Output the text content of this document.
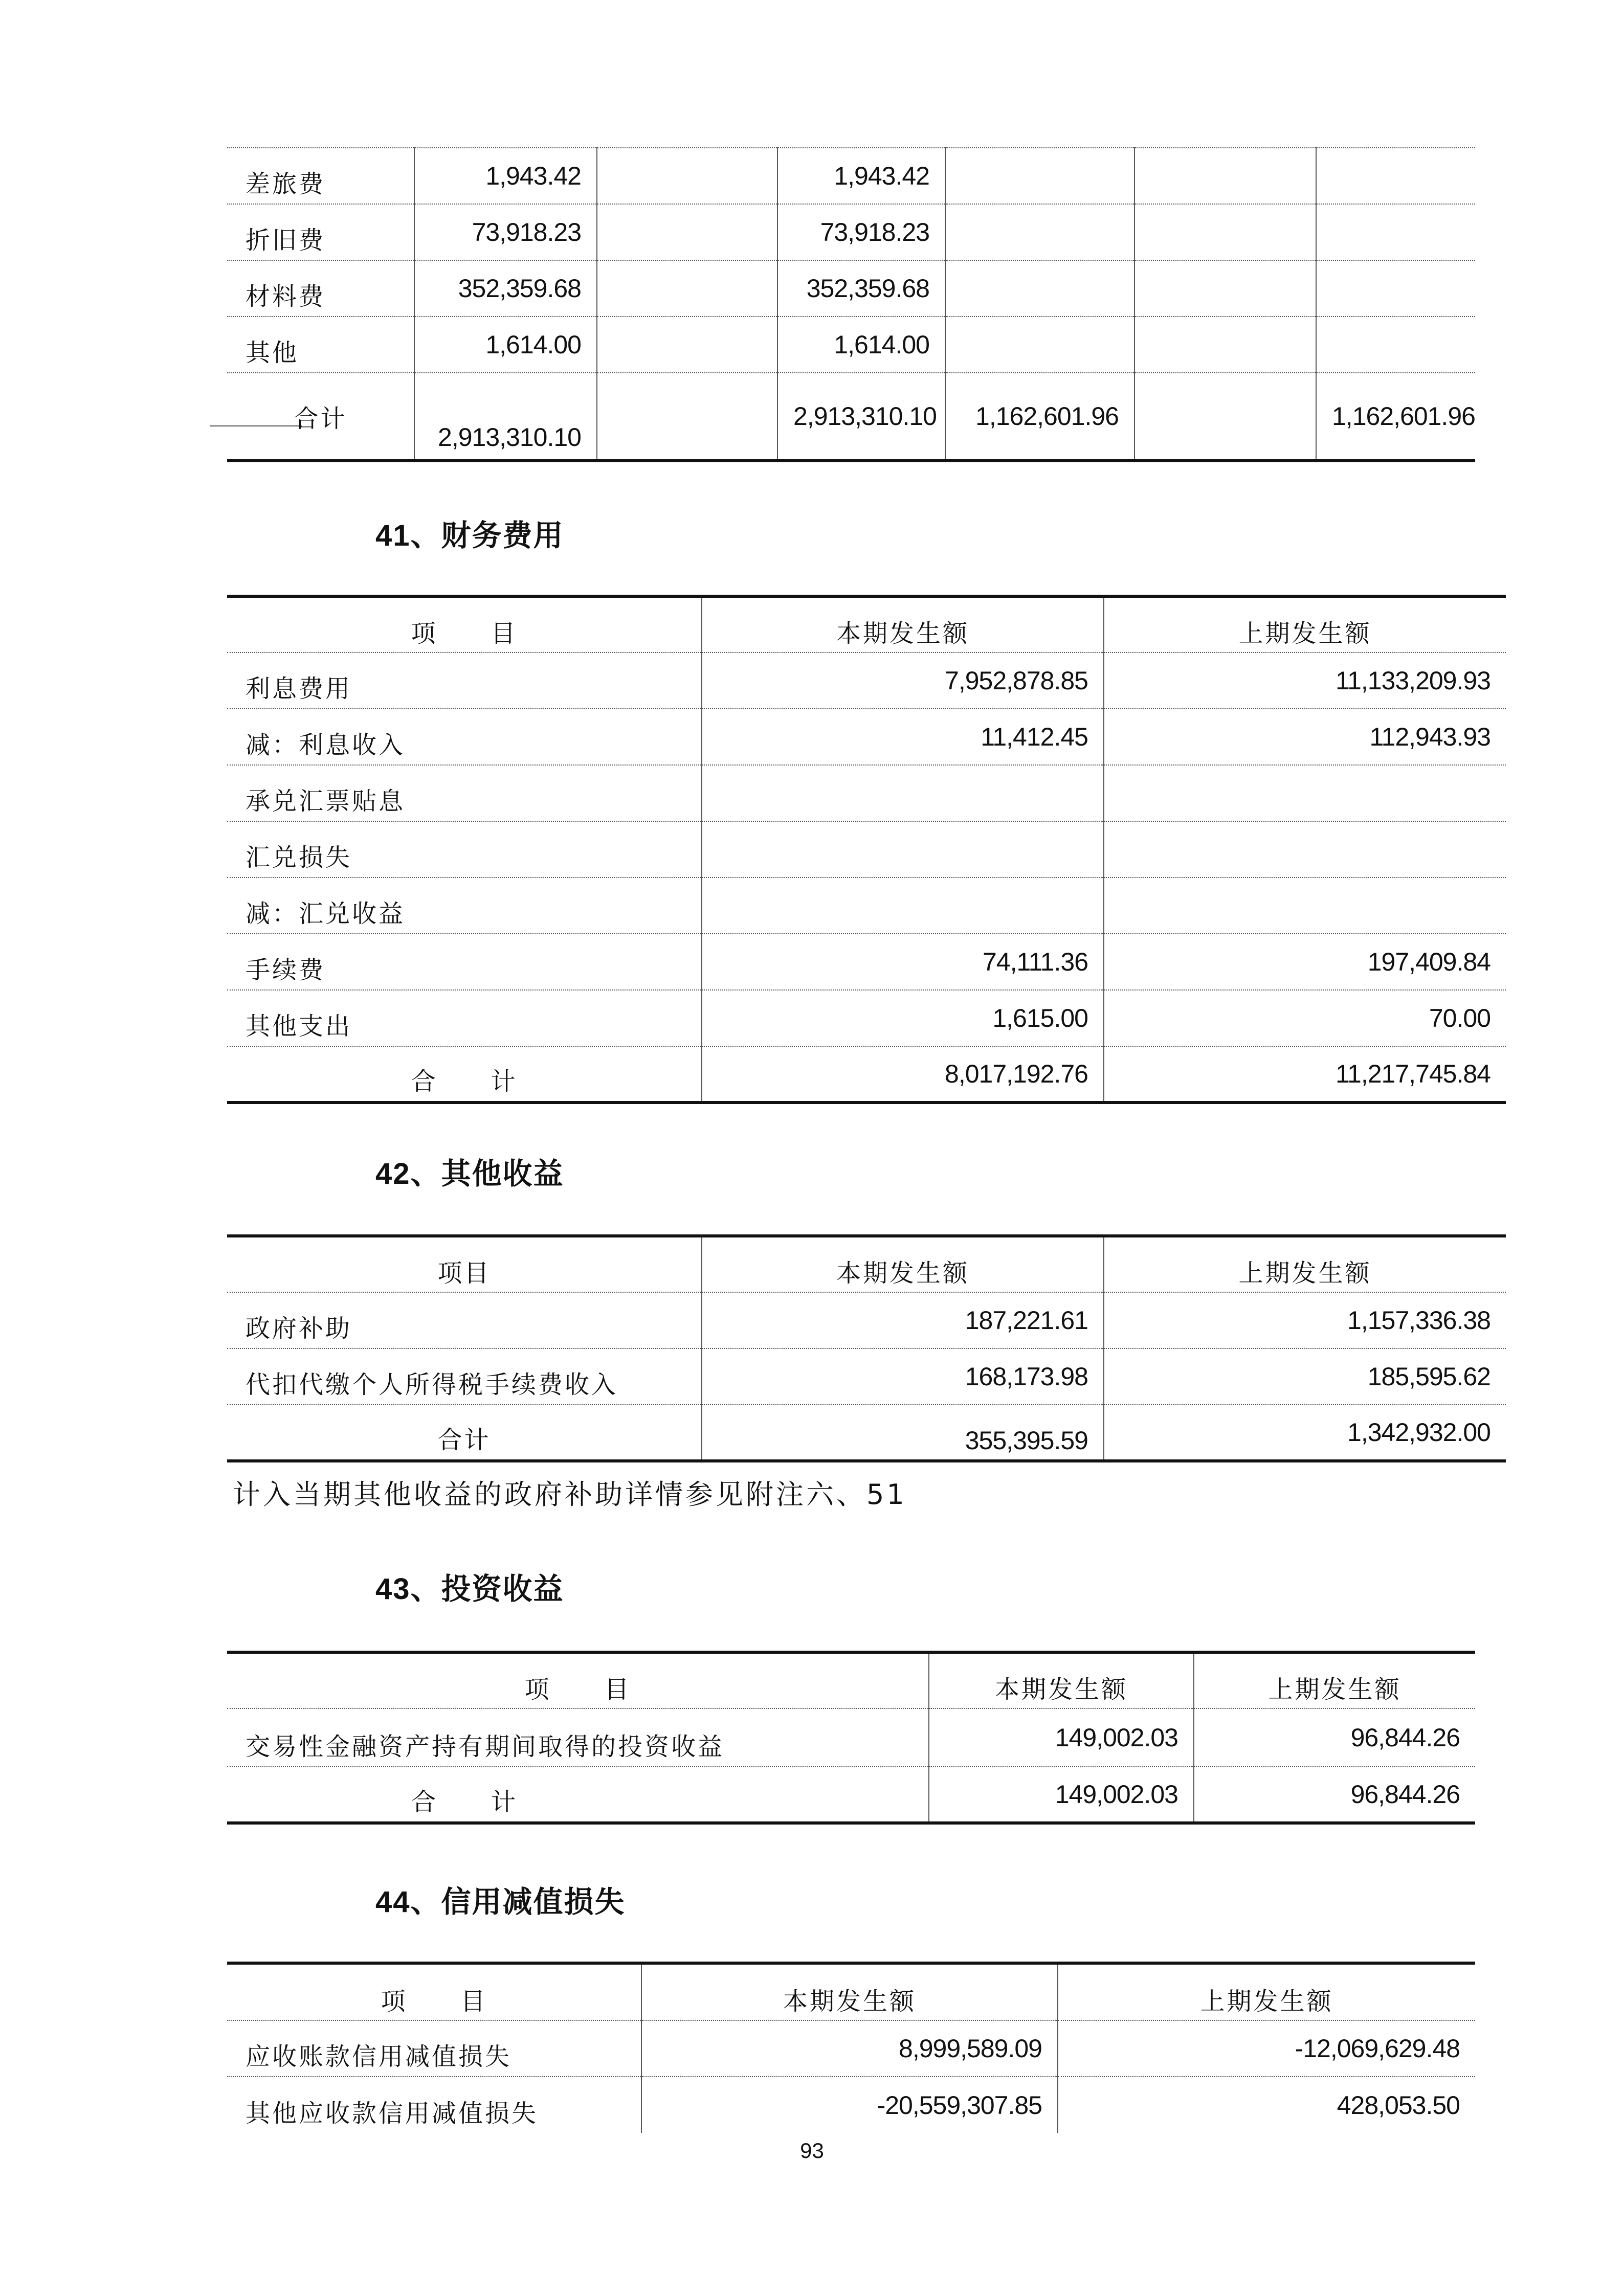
差旅费	1,943.42		1,943.42			
折旧费	73,918.23		73,918.23			
材料费	352,359.68		352,359.68			
其他	1,614.00		1,614.00			
合计	2,913,310.10		2,913,310.10	1,162,601.96		1,162,601.96
41、财务费用
项　　目	本期发生额	上期发生额
利息费用	7,952,878.85	11,133,209.93
减：利息收入	11,412.45	112,943.93
承兑汇票贴息		
汇兑损失		
减：汇兑收益		
手续费	74,111.36	197,409.84
其他支出	1,615.00	70.00
合　　计	8,017,192.76	11,217,745.84
42、其他收益
项目	本期发生额	上期发生额
政府补助	187,221.61	1,157,336.38
代扣代缴个人所得税手续费收入	168,173.98	185,595.62
合计	355,395.59	1,342,932.00
计入当期其他收益的政府补助详情参见附注六、51
43、投资收益
项　　目	本期发生额	上期发生额
交易性金融资产持有期间取得的投资收益	149,002.03	96,844.26
合　　计	149,002.03	96,844.26
44、信用减值损失
项　　目	本期发生额	上期发生额
应收账款信用减值损失	8,999,589.09	-12,069,629.48
其他应收款信用减值损失	-20,559,307.85	428,053.50
93
